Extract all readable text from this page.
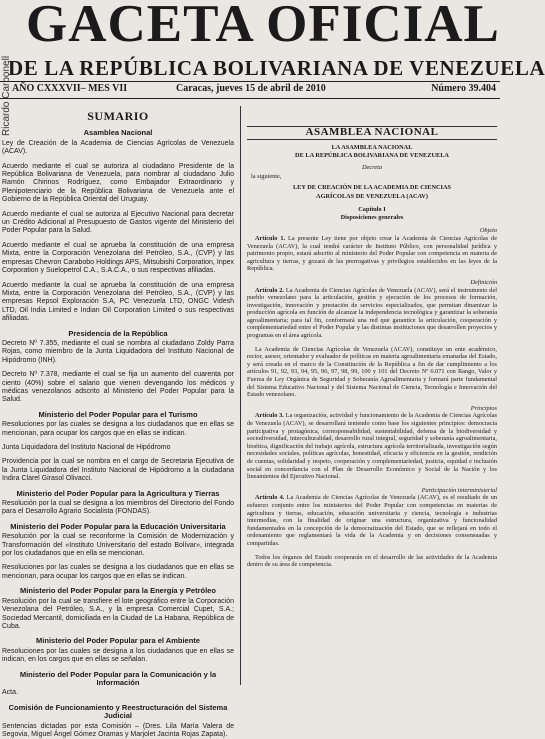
GACETA OFICIAL
DE LA REPÚBLICA BOLIVARIANA DE VENEZUELA
Ricardo Carbonell AÑO CXXXVII– MES VII	Caracas, jueves 15 de abril de 2010	Número 39.404
SUMARIO
Asamblea Nacional
Ley de Creación de la Academia de Ciencias Agrícolas de Venezuela (ACAV).
Acuerdo mediante el cual se autoriza al ciudadano Presidente de la República Bolivariana de Venezuela, para nombrar al ciudadano Julio Ramón Chirinos Rodríguez, como Embajador Extraordinario y Plenipotenciario de la República Bolivariana de Venezuela ante el Gobierno de la República Oriental del Uruguay.
Acuerdo mediante el cual se autoriza al Ejecutivo Nacional para decretar un Crédito Adicional al Presupuesto de Gastos vigente del Ministerio del Poder Popular para la Salud.
Acuerdo mediante el cual se aprueba la constitución de una empresa Mixta, entre la Corporación Venezolana del Petróleo, S.A., (CVP) y las empresas Chevron Carabobo Holdings APS, Mitsubishi Corporation, Inpex Corporation y Suelopetrol C.A., S.A.C.A., o sus respectivas afiliadas.
Acuerdo mediante la cual se aprueba la constitución de una empresa Mixta, entre la Corporación Venezolana del Petróleo, S.A., (CVP) y las empresas Repsol Exploración S.A, PC Venezuela LTD, ONGC Videsh LTD, Oil India Limited e Indian Oil Corporation Limited o sus respectivas afiliadas.
Presidencia de la República
Decreto Nº 7.355, mediante el cual se nombra al ciudadano Zoldy Parra Rojas, como miembro de la Junta Liquidadora del Instituto Nacional de Hipódromo (INH).
Decreto Nº 7.378, mediante el cual se fija un aumento del cuarenta por ciento (40%) sobre el salario que vienen devengando los médicos y médicas venezolanos adscrito al Ministerio del Poder Popular para la Salud.
Ministerio del Poder Popular para el Turismo
Resoluciones por las cuales se designa a los ciudadanos que en ellas se mencionan, para ocupar los cargos que en ellas se indican.
Junta Liquidadora del Instituto Nacional de Hipódromo
Providencia por la cual se nombra en el cargo de Secretaria Ejecutiva de la Junta Liquidadora del Instituto Nacional de Hipódromo a la ciudadana Indira Clarel Girasol Olivacci.
Ministerio del Poder Popular para la Agricultura y Tierras
Resolución por la cual se designa a los miembros del Directorio del Fondo para el Desarrollo Agrario Socialista (FONDAS).
Ministerio del Poder Popular para la Educación Universitaria
Resolución por la cual se reconforme la Comisión de Modernización y Transformación del «Instituto Universitario del estado Bolívar», integrada por los ciudadanos que en ella se mencionan.
Resoluciones por las cuales se designa a los ciudadanos que en ellas se mencionan, para ocupar los cargos que en ellas se indican.
Ministerio del Poder Popular para la Energía y Petróleo
Resolución por la cual se transfiere el lote geográfico entre la Corporación Venezolana del Petróleo, S.A., y la empresa Comercial Cupet, S.A.; Sociedad Mercantil, domiciliada en la Ciudad de La Habana, República de Cuba.
Ministerio del Poder Popular para el Ambiente
Resoluciones por las cuales se designa a los ciudadanos que en ellas se indican, en los cargos que en ellas se señalan.
Ministerio del Poder Popular para la Comunicación y la Información
Acta.
Comisión de Funcionamiento y Reestructuración del Sistema Judicial
Sentencias dictadas por esta Comisión – (Dres. Lila María Valera de Segovia, Miguel Ángel Gómez Oramas y Marjolet Jacinta Rojas Zapata).
ASAMBLEA NACIONAL
LA ASAMBLEA NACIONAL
DE LA REPÚBLICA BOLIVARIANA DE VENEZUELA
Decreta
la siguiente,
LEY DE CREACIÓN DE LA ACADEMIA DE CIENCIAS
AGRÍCOLAS DE VENEZUELA (ACAV)
Capítulo I
Disposiciones generales
Objeto
Artículo 1. La presente Ley tiene por objeto crear la Academia de Ciencias Agrícolas de Venezuela (ACAV), la cual tendrá carácter de Instituto Público, con personalidad jurídica y patrimonio propio, estará adscrito al ministerio del Poder Popular con competencia en materia de agricultura y tierras, y gozará de las prerrogativas y privilegios establecidos en las leyes de la República.
Definición
Artículo 2. La Academia de Ciencias Agrícolas de Venezuela (ACAV), será el instrumento del pueblo venezolano para la articulación, gestión y ejecución de los procesos de formación, investigación, innovación y prestación de servicios especializados, que permitan dinamizar la producción agrícola en función de alcanzar la independencia tecnológica y garantizar la soberanía agroalimentaria; para tal fin, conformará una red que garantice la articulación, cooperación y complementariedad entre el Poder Popular y las distintas instituciones que desarrollen proyectos y programas en el área agrícola.
La Academia de Ciencias Agrícolas de Venezuela (ACAV), constituye un ente académico, rector, asesor, orientador y evaluador de políticas en materia agroalimentaria emanadas del Estado, y será creada en el marco de la Constitución de la República a fin de dar cumplimiento a los artículos 91, 92, 93, 94, 95, 96, 97, 98, 99, 100 y 101 del Decreto Nº 6.071 con Rango, Valor y Fuerza de Ley Orgánica de Seguridad y Soberanía Agroalimentaria y formará parte fundamental del Sistema Educativo Nacional y del Sistema Nacional de Ciencia, Tecnología e Innovación del Estado venezolano.
Principios
Artículo 3. La organización, actividad y funcionamiento de la Academia de Ciencias Agrícolas de Venezuela (ACAV), se desarrollará teniendo como base los siguientes principios: democracia participativa y protagónica, corresponsabilidad, sustentabilidad, defensa de la biodiversidad y sociodiversidad, interculturalidad, desarrollo rural integral, seguridad y soberanía agroalimentaria, bioética, dignificación del trabajo agrícola, estructura agrícola territorializada, investigación según necesidades sociales, políticas agrícolas, honestidad, eficacia y eficiencia en la gestión, rendición de cuentas, solidaridad y respeto, cooperación y complementariedad, justicia, equidad e inclusión social en concordancia con el Plan de Desarrollo Económico y Social de la Nación y los lineamientos del Ejecutivo Nacional.
Participación interministerial
Artículo 4. La Academia de Ciencias Agrícolas de Venezuela (ACAV), es el resultado de un esfuerzo conjunto entre los ministerios del Poder Popular con competencias en materias de agricultura y tierras, educación, educación universitaria y ciencia, tecnología e industrias intermedias, con la finalidad de originar una estructura, organizativa y funcionalidad fundamentados en la concepción de la democratización del Estado, que se reflejará en todo el ordenamiento que reglamentará la vida de la Academia y en decisiones consensuadas y compartidas.
Todos los órganos del Estado cooperarán en el desarrollo de las actividades de la Academia dentro de su área de competencia.
